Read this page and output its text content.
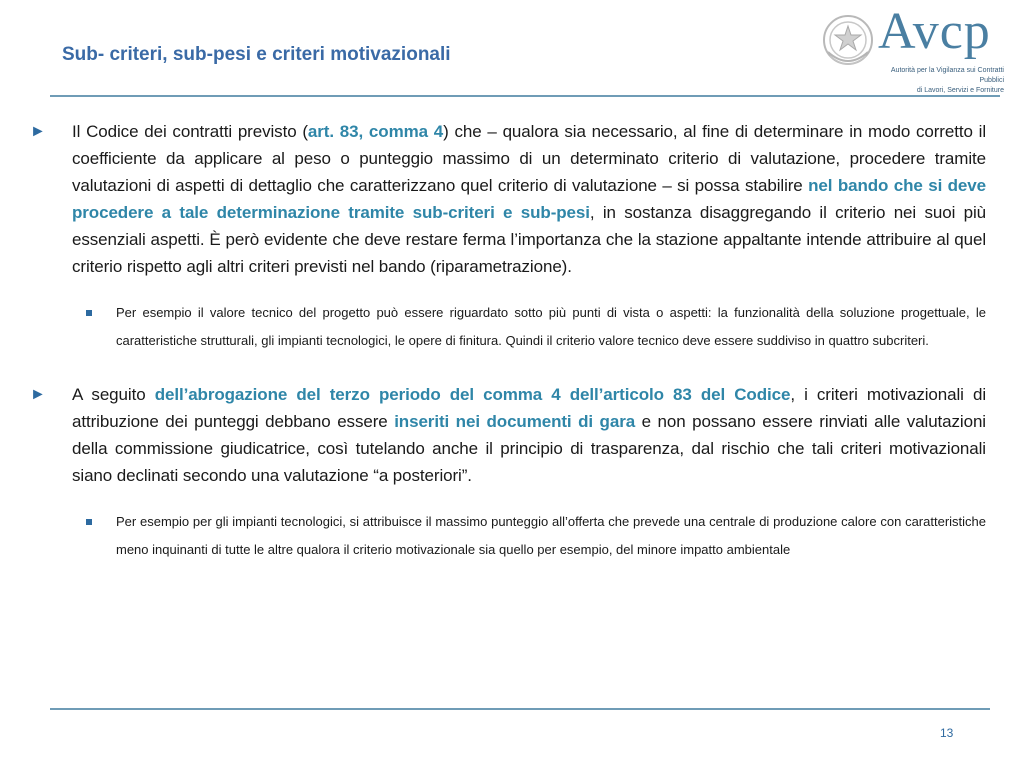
Sub- criteri, sub-pesi e criteri motivazionali	Avcp
Autorità per la Vigilanza sui Contratti Pubblici
di Lavori, Servizi e Forniture
► Il Codice dei contratti previsto (art. 83, comma 4) che – qualora sia necessario, al fine di determinare in modo corretto il coefficiente da applicare al peso o punteggio massimo di un determinato criterio di valutazione, procedere tramite valutazioni di aspetti di dettaglio che caratterizzano quel criterio di valutazione – si possa stabilire nel bando che si deve procedere a tale determinazione tramite sub-criteri e sub-pesi, in sostanza disaggregando il criterio nei suoi più essenziali aspetti. È però evidente che deve restare ferma l’importanza che la stazione appaltante intende attribuire al quel criterio rispetto agli altri criteri previsti nel bando (riparametrazione).
Per esempio il valore tecnico del progetto può essere riguardato sotto più punti di vista o aspetti: la funzionalità della soluzione progettuale, le caratteristiche strutturali, gli impianti tecnologici, le opere di finitura. Quindi il criterio valore tecnico deve essere suddiviso in quattro subcriteri.
► A seguito dell’abrogazione del terzo periodo del comma 4 dell’articolo 83 del Codice, i criteri motivazionali di attribuzione dei punteggi debbano essere inseriti nei documenti di gara e non possano essere rinviati alle valutazioni della commissione giudicatrice, così tutelando anche il principio di trasparenza, dal rischio che tali criteri motivazionali siano declinati secondo una valutazione “a posteriori”.
Per esempio per gli impianti tecnologici, si attribuisce il massimo punteggio all’offerta che prevede una centrale di produzione calore con caratteristiche meno inquinanti di tutte le altre qualora il criterio motivazionale sia quello per esempio, del minore impatto ambientale
13
